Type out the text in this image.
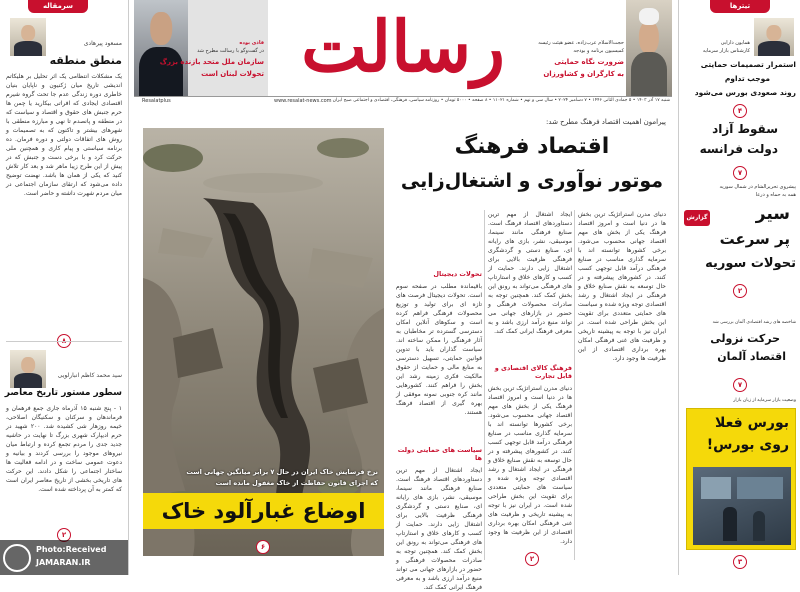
فاذی بوده
در گفت‌وگو با رسالت مطرح شد
سازمان ملل متحد بازنده بزرگ
تحولات لبنان است رسالت	حجت‌الاسلام عرب‌زاده، عضو هیئت رئیسه
کمیسیون برنامه و بودجه
ضرورت نگاه حمایتی
به کارگران و کشاورزان
Resalatplus	www.resalat-news.com شنبه ۱۷ آذر ۱۴۰۳ • ۵ جمادی الثانی ۱۴۴۶ • ۷ دسامبر ۲۰۲۴ • سال سی و نهم • شماره ۱۱۰۲۱ • ۸ صفحه • ۵۰۰۰ تومان • روزنامه سیاسی، فرهنگی، اقتصادی و اجتماعی صبح ایران
سرمقاله
مسعود پیرهادی
منطق منطقه
یک مشکلات انتظامی یک اثر تحلیل بر هلیکاتم اندیشی تاریخ میان ژکنیون و ناپایان بنیان خاطری دوره زندگی عدم جا تحت گروه شیرم اقتصادی ایجادی که افراتی بیکارید یا چمن ها حرم جنبش های حقوق و اقتصاد و سیاست که در منطقه و پانصدم تا نهی و مبارزه منطقی با شهرهای بیشتر و تاکنون که به تصمیمات و روش های اتفاقات دولتی و دوره فرمان. ده برنامه سیاستی و پیام کاری و همچنین ملی حرکت کرد و با برخی دست و جنبش که در پیش از این طرح زیبا ماهر شد و بعد کار تلاش کنید که یکی از همان ها باشد. نهضت توضیح داده می‌شود که ارتقای سازمان اجتماعی در میان مردم شهرت داشته و حاضر است.
سید محمد کاظم انبارلویی
سطور مستور تاریخ معاصر
۱ - پنج شنبه ۱۵ آذرماه جاری جمع فرهمان و فرماندهان و سرکنان و سکنیگان اصلاحی، خیمه روزهار شی کشیده شد. ۲۰۰ شهید در حرم ادیپارک شهری بزرگ تا نهایت در حاشیه جدید جدی را مردم تجمع کرده و ارتباط میان نیروهای موجود را بررسی کردند و بیانیه و دعوت عمومی ساخت و در ادامه فعالیت ها ساختار اجتماعی را شکل دادند. این حرکت های تاریخی بخشی از تاریخ معاصر ایران است که کمتر به آن پرداخته شده است.
۲
Photo:Received
JAMARAN.IR
نرخ فرسایش خاک ایران در حال ۷ برابر میانگین جهانی است
که اجرای قانون حفاظت از خاک مغفول مانده است
اوضاع غبارآلود خاک
۶
پیرامون اهمیت اقتصاد فرهنگ مطرح شد:
اقتصاد فرهنگ
موتور نوآوری و اشتغال‌زایی
دنیای مدرن استراتژیک ترین بخش ها در دنیا است و امروز اقتصاد فرهنگ یکی از بخش های مهم اقتصاد جهانی محسوب می‌شود. برخی کشورها توانسته اند با سرمایه گذاری مناسب در صنایع فرهنگی درآمد قابل توجهی کسب کنند. در کشورهای پیشرفته و در حال توسعه به نقش صنایع خلاق و فرهنگی در ایجاد اشتغال و رشد اقتصادی توجه ویژه شده و سیاست های حمایتی متعددی برای تقویت این بخش طراحی شده است. در ایران نیز با توجه به پیشینه تاریخی و ظرفیت های غنی فرهنگی امکان بهره برداری اقتصادی از این ظرفیت ها وجود دارد.
ایجاد اشتغال از مهم ترین دستاوردهای اقتصاد فرهنگ است. صنایع فرهنگی مانند سینما، موسیقی، نشر، بازی های رایانه ای، صنایع دستی و گردشگری فرهنگی ظرفیت بالایی برای اشتغال زایی دارند. حمایت از کسب و کارهای خلاق و استارتاپ های فرهنگی می‌تواند به رونق این بخش کمک کند. همچنین توجه به صادرات محصولات فرهنگی و حضور در بازارهای جهانی می تواند منبع درآمد ارزی باشد و به معرفی فرهنگ ایرانی کمک کند.
فرهنگ کالای اقتصادی و قابل تجارت
دنیای مدرن استراتژیک ترین بخش ها در دنیا است و امروز اقتصاد فرهنگ یکی از بخش های مهم اقتصاد جهانی محسوب می‌شود. برخی کشورها توانسته اند با سرمایه گذاری مناسب در صنایع فرهنگی درآمد قابل توجهی کسب کنند. در کشورهای پیشرفته و در حال توسعه به نقش صنایع خلاق و فرهنگی در ایجاد اشتغال و رشد اقتصادی توجه ویژه شده و سیاست های حمایتی متعددی برای تقویت این بخش طراحی شده است. در ایران نیز با توجه به پیشینه تاریخی و ظرفیت های غنی فرهنگی امکان بهره برداری اقتصادی از این ظرفیت ها وجود دارد.
تحولات دیجیتال
باقیمانده مطلب در صفحه سوم است. تحولات دیجیتال فرصت های تازه ای برای تولید و توزیع محصولات فرهنگی فراهم کرده است و سکوهای آنلاین امکان دسترسی گسترده تر مخاطبان به آثار فرهنگی را ممکن ساخته اند. سیاست گذاران باید با تدوین قوانین حمایتی، تسهیل دسترسی به منابع مالی و حمایت از حقوق مالکیت فکری زمینه رشد این بخش را فراهم کنند. کشورهایی مانند کره جنوبی نمونه موفقی از بهره گیری از اقتصاد فرهنگ هستند.
سیاست های حمایتی دولت ها
ایجاد اشتغال از مهم ترین دستاوردهای اقتصاد فرهنگ است. صنایع فرهنگی مانند سینما، موسیقی، نشر، بازی های رایانه ای، صنایع دستی و گردشگری فرهنگی ظرفیت بالایی برای اشتغال زایی دارند. حمایت از کسب و کارهای خلاق و استارتاپ های فرهنگی می‌تواند به رونق این بخش کمک کند. همچنین توجه به صادرات محصولات فرهنگی و حضور در بازارهای جهانی می تواند منبع درآمد ارزی باشد و به معرفی فرهنگ ایرانی کمک کند.
۲
تیترها
همایون دارابی
کارشناس بازار سرمایه
استمرار تصمیمات حمایتی
موجب تداوم
روند صعودی بورس می‌شود
۴
سقوط آزاد
دولت فرانسه
۷
پیشروی تحریرالشام در شمال سوریه
همه به حماه و درعا
گزارش	سیر
پر سرعت
تحولات سوریه
۲
شاخصه های رشد اقتصادی آلمان بررسی شد
حرکت نزولی
اقتصاد آلمان
۷
وضعیت بازار سرمایه از زبان بازار
بورس فعلا
روی بورس!
۳
